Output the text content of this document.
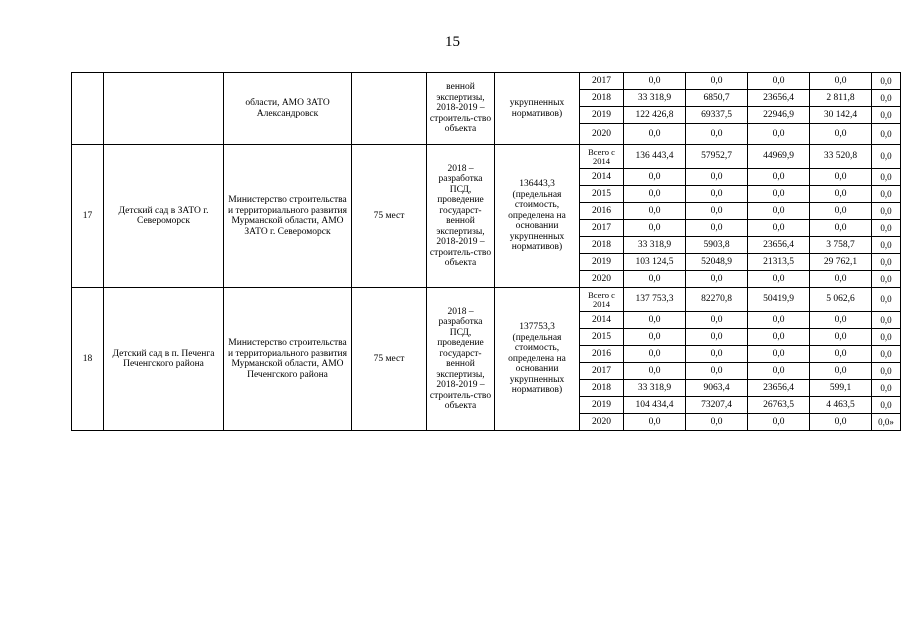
15
		области, АМО ЗАТО Александровск		венной экспертизы, 2018-2019 – строитель-ство объекта	укрупненных нормативов)	2017	0,0	0,0	0,0	0,0	0,0
						2018	33 318,9	6850,7	23656,4	2 811,8	0,0
						2019	122 426,8	69337,5	22946,9	30 142,4	0,0
						2020	0,0	0,0	0,0	0,0	0,0
17	Детский сад в ЗАТО г. Североморск	Министерство строительства и территориального развития Мурманской области, АМО ЗАТО г. Североморск	75 мест	2018 – разработка ПСД, проведение государст-венной экспертизы, 2018-2019 – строитель-ство объекта	136443,3 (предельная стоимость, определена на основании укрупненных нормативов)	Всего с 2014	136 443,4	57952,7	44969,9	33 520,8	0,0
						2014	0,0	0,0	0,0	0,0	0,0
						2015	0,0	0,0	0,0	0,0	0,0
						2016	0,0	0,0	0,0	0,0	0,0
						2017	0,0	0,0	0,0	0,0	0,0
						2018	33 318,9	5903,8	23656,4	3 758,7	0,0
						2019	103 124,5	52048,9	21313,5	29 762,1	0,0
						2020	0,0	0,0	0,0	0,0	0,0
18	Детский сад в п. Печенга Печенгского района	Министерство строительства и территориального развития Мурманской области, АМО Печенгского района	75 мест	2018 – разработка ПСД, проведение государст-венной экспертизы, 2018-2019 – строитель-ство объекта	137753,3 (предельная стоимость, определена на основании укрупненных нормативов)	Всего с 2014	137 753,3	82270,8	50419,9	5 062,6	0,0
						2014	0,0	0,0	0,0	0,0	0,0
						2015	0,0	0,0	0,0	0,0	0,0
						2016	0,0	0,0	0,0	0,0	0,0
						2017	0,0	0,0	0,0	0,0	0,0
						2018	33 318,9	9063,4	23656,4	599,1	0,0
						2019	104 434,4	73207,4	26763,5	4 463,5	0,0
						2020	0,0	0,0	0,0	0,0	0,0»
